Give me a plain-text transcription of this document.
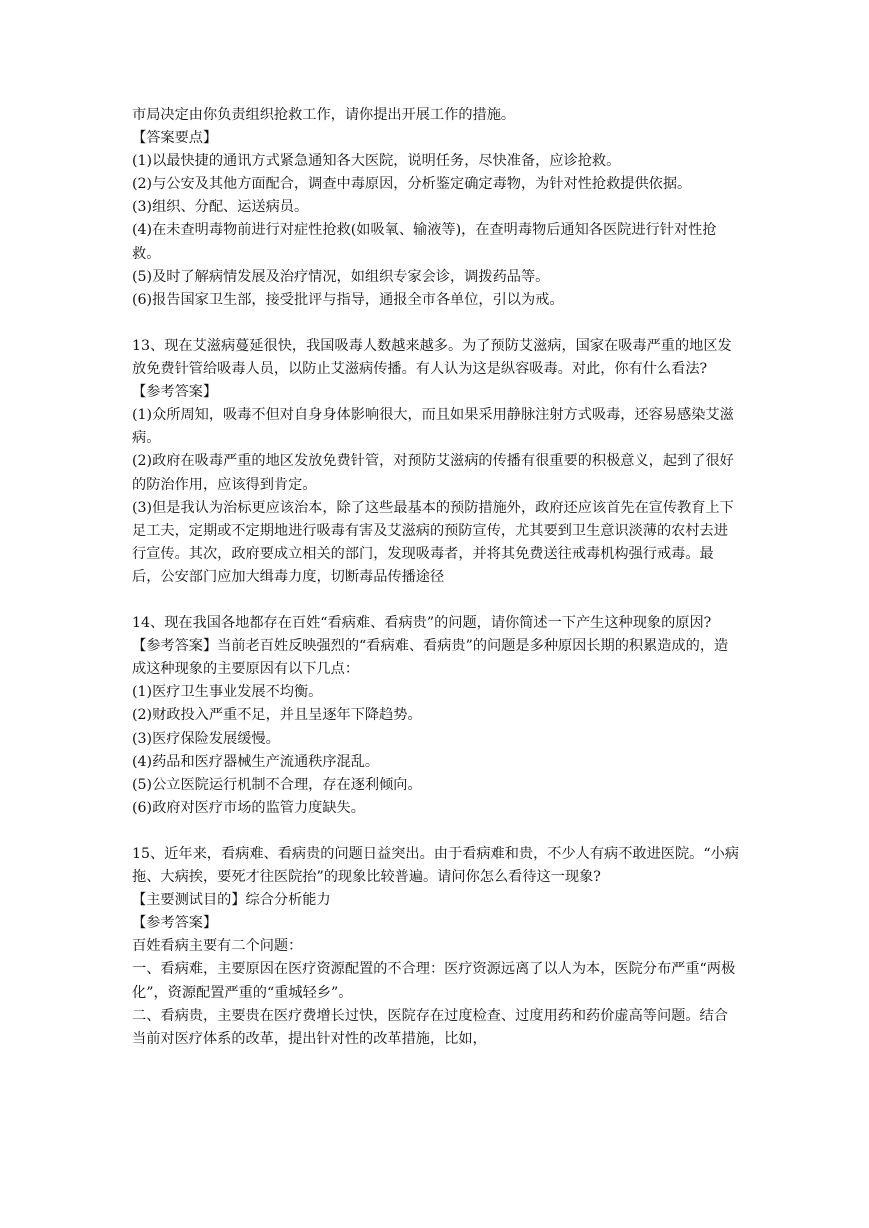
市局决定由你负责组织抢救工作，请你提出开展工作的措施。

【答案要点】

(1)以最快捷的通讯方式紧急通知各大医院，说明任务，尽快准备，应诊抢救。

(2)与公安及其他方面配合，调查中毒原因，分析鉴定确定毒物，为针对性抢救提供依据。

(3)组织、分配、运送病员。

(4)在未查明毒物前进行对症性抢救(如吸氧、输液等)，在查明毒物后通知各医院进行针对性抢救。

(5)及时了解病情发展及治疗情况，如组织专家会诊，调拨药品等。

(6)报告国家卫生部，接受批评与指导，通报全市各单位，引以为戒。

13、现在艾滋病蔓延很快，我国吸毒人数越来越多。为了预防艾滋病，国家在吸毒严重的地区发放免费针管给吸毒人员，以防止艾滋病传播。有人认为这是纵容吸毒。对此，你有什么看法?

【参考答案】

(1)众所周知，吸毒不但对自身身体影响很大，而且如果采用静脉注射方式吸毒，还容易感染艾滋病。

(2)政府在吸毒严重的地区发放免费针管，对预防艾滋病的传播有很重要的积极意义，起到了很好的防治作用，应该得到肯定。

(3)但是我认为治标更应该治本，除了这些最基本的预防措施外，政府还应该首先在宣传教育上下足工夫，定期或不定期地进行吸毒有害及艾滋病的预防宣传，尤其要到卫生意识淡薄的农村去进行宣传。其次，政府要成立相关的部门，发现吸毒者，并将其免费送往戒毒机构强行戒毒。最后，公安部门应加大缉毒力度，切断毒品传播途径

14、现在我国各地都存在百姓“看病难、看病贵”的问题，请你简述一下产生这种现象的原因?

【参考答案】当前老百姓反映强烈的“看病难、看病贵”的问题是多种原因长期的积累造成的，造成这种现象的主要原因有以下几点：

(1)医疗卫生事业发展不均衡。

(2)财政投入严重不足，并且呈逐年下降趋势。

(3)医疗保险发展缓慢。

(4)药品和医疗器械生产流通秩序混乱。

(5)公立医院运行机制不合理，存在逐利倾向。

(6)政府对医疗市场的监管力度缺失。

15、近年来，看病难、看病贵的问题日益突出。由于看病难和贵，不少人有病不敢进医院。“小病拖、大病挨，要死才往医院抬”的现象比较普遍。请问你怎么看待这一现象?

【主要测试目的】综合分析能力

【参考答案】

百姓看病主要有二个问题：

一、看病难，主要原因在医疗资源配置的不合理：医疗资源远离了以人为本，医院分布严重“两极化”，资源配置严重的“重城轻乡”。

二、看病贵，主要贵在医疗费增长过快，医院存在过度检查、过度用药和药价虚高等问题。结合当前对医疗体系的改革，提出针对性的改革措施，比如，
